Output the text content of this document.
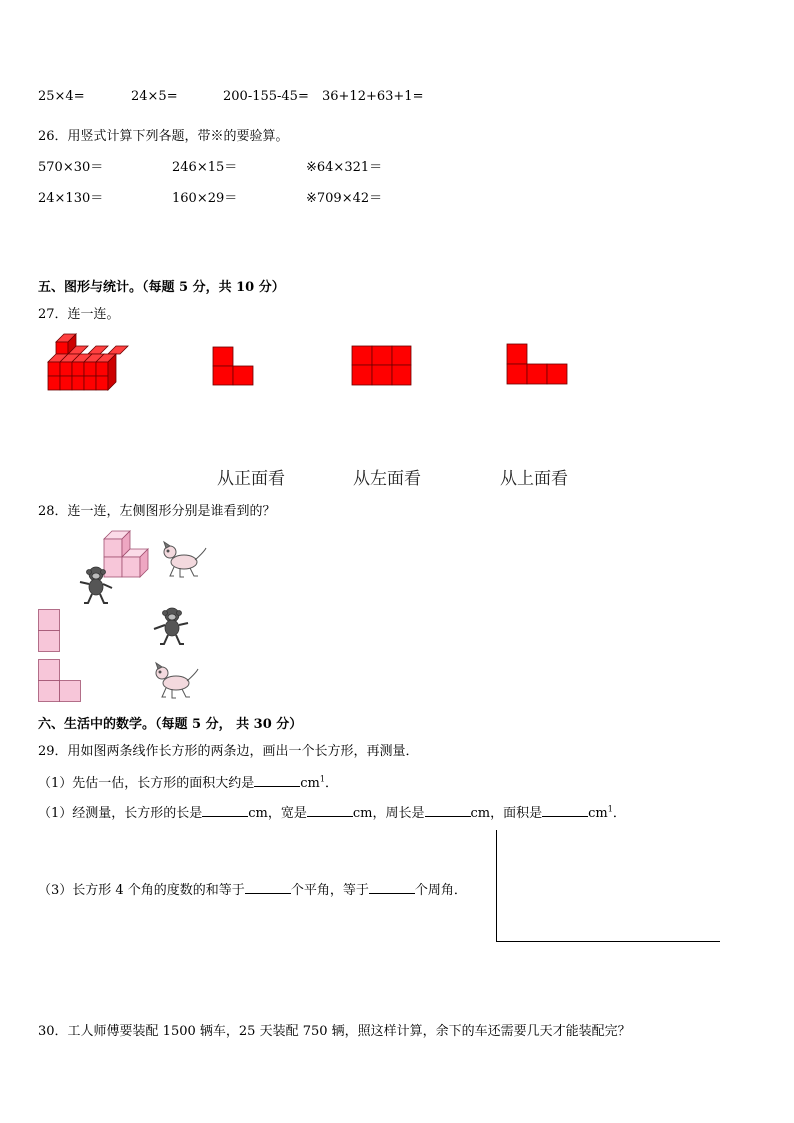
25×4=	24×5=	200-155-45= 36+12+63+1=
26．用竖式计算下列各题，带※的要验算。
570×30＝	246×15＝	※64×321＝
24×130＝	160×29＝	※709×42＝
五、图形与统计。（每题 5 分，共 10 分）
27．连一连。
从正面看	从左面看	从上面看
28．连一连，左侧图形分别是谁看到的？
六、生活中的数学。（每题 5 分， 共 30 分）
29．用如图两条线作长方形的两条边，画出一个长方形，再测量．
（1）先估一估，长方形的面积大约是	$cm^1$．
（1）经测量，长方形的长是	cm，宽是	cm，周长是	cm，面积是	$cm^1$．
（3）长方形 4 个角的度数的和等于	个平角，等于	个周角．
30．工人师傅要装配 1500 辆车，25 天装配 750 辆，照这样计算，余下的车还需要几天才能装配完？
